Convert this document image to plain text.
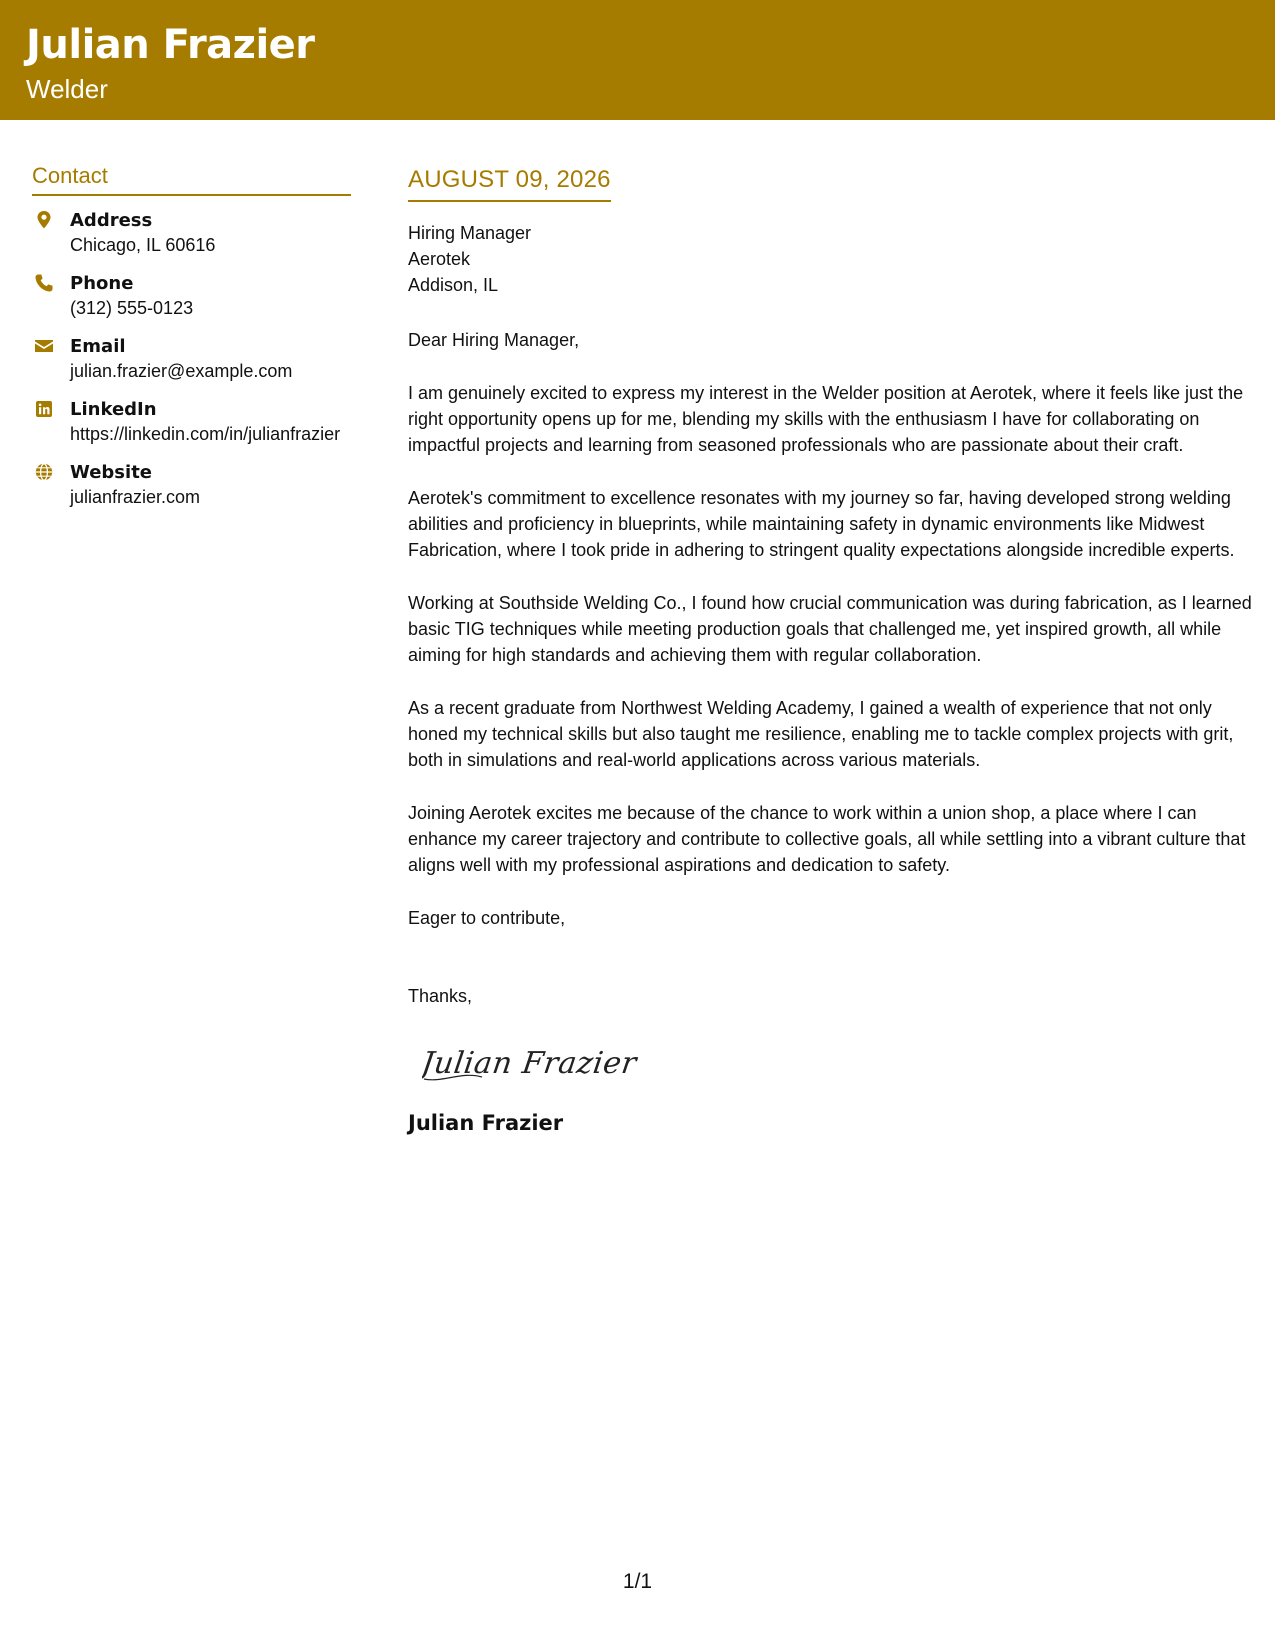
Julian Frazier
Welder
Contact
Address
Chicago, IL 60616
Phone
(312) 555-0123
Email
julian.frazier@example.com
LinkedIn
https://linkedin.com/in/julianfrazier
Website
julianfrazier.com
AUGUST 09, 2026
Hiring Manager
Aerotek
Addison, IL
Dear Hiring Manager,
I am genuinely excited to express my interest in the Welder position at Aerotek, where it feels like just the right opportunity opens up for me, blending my skills with the enthusiasm I have for collaborating on impactful projects and learning from seasoned professionals who are passionate about their craft.
Aerotek's commitment to excellence resonates with my journey so far, having developed strong welding abilities and proficiency in blueprints, while maintaining safety in dynamic environments like Midwest Fabrication, where I took pride in adhering to stringent quality expectations alongside incredible experts.
Working at Southside Welding Co., I found how crucial communication was during fabrication, as I learned basic TIG techniques while meeting production goals that challenged me, yet inspired growth, all while aiming for high standards and achieving them with regular collaboration.
As a recent graduate from Northwest Welding Academy, I gained a wealth of experience that not only honed my technical skills but also taught me resilience, enabling me to tackle complex projects with grit, both in simulations and real-world applications across various materials.
Joining Aerotek excites me because of the chance to work within a union shop, a place where I can enhance my career trajectory and contribute to collective goals, all while settling into a vibrant culture that aligns well with my professional aspirations and dedication to safety.
Eager to contribute,
Thanks,
Julian Frazier
Julian Frazier
1/1
